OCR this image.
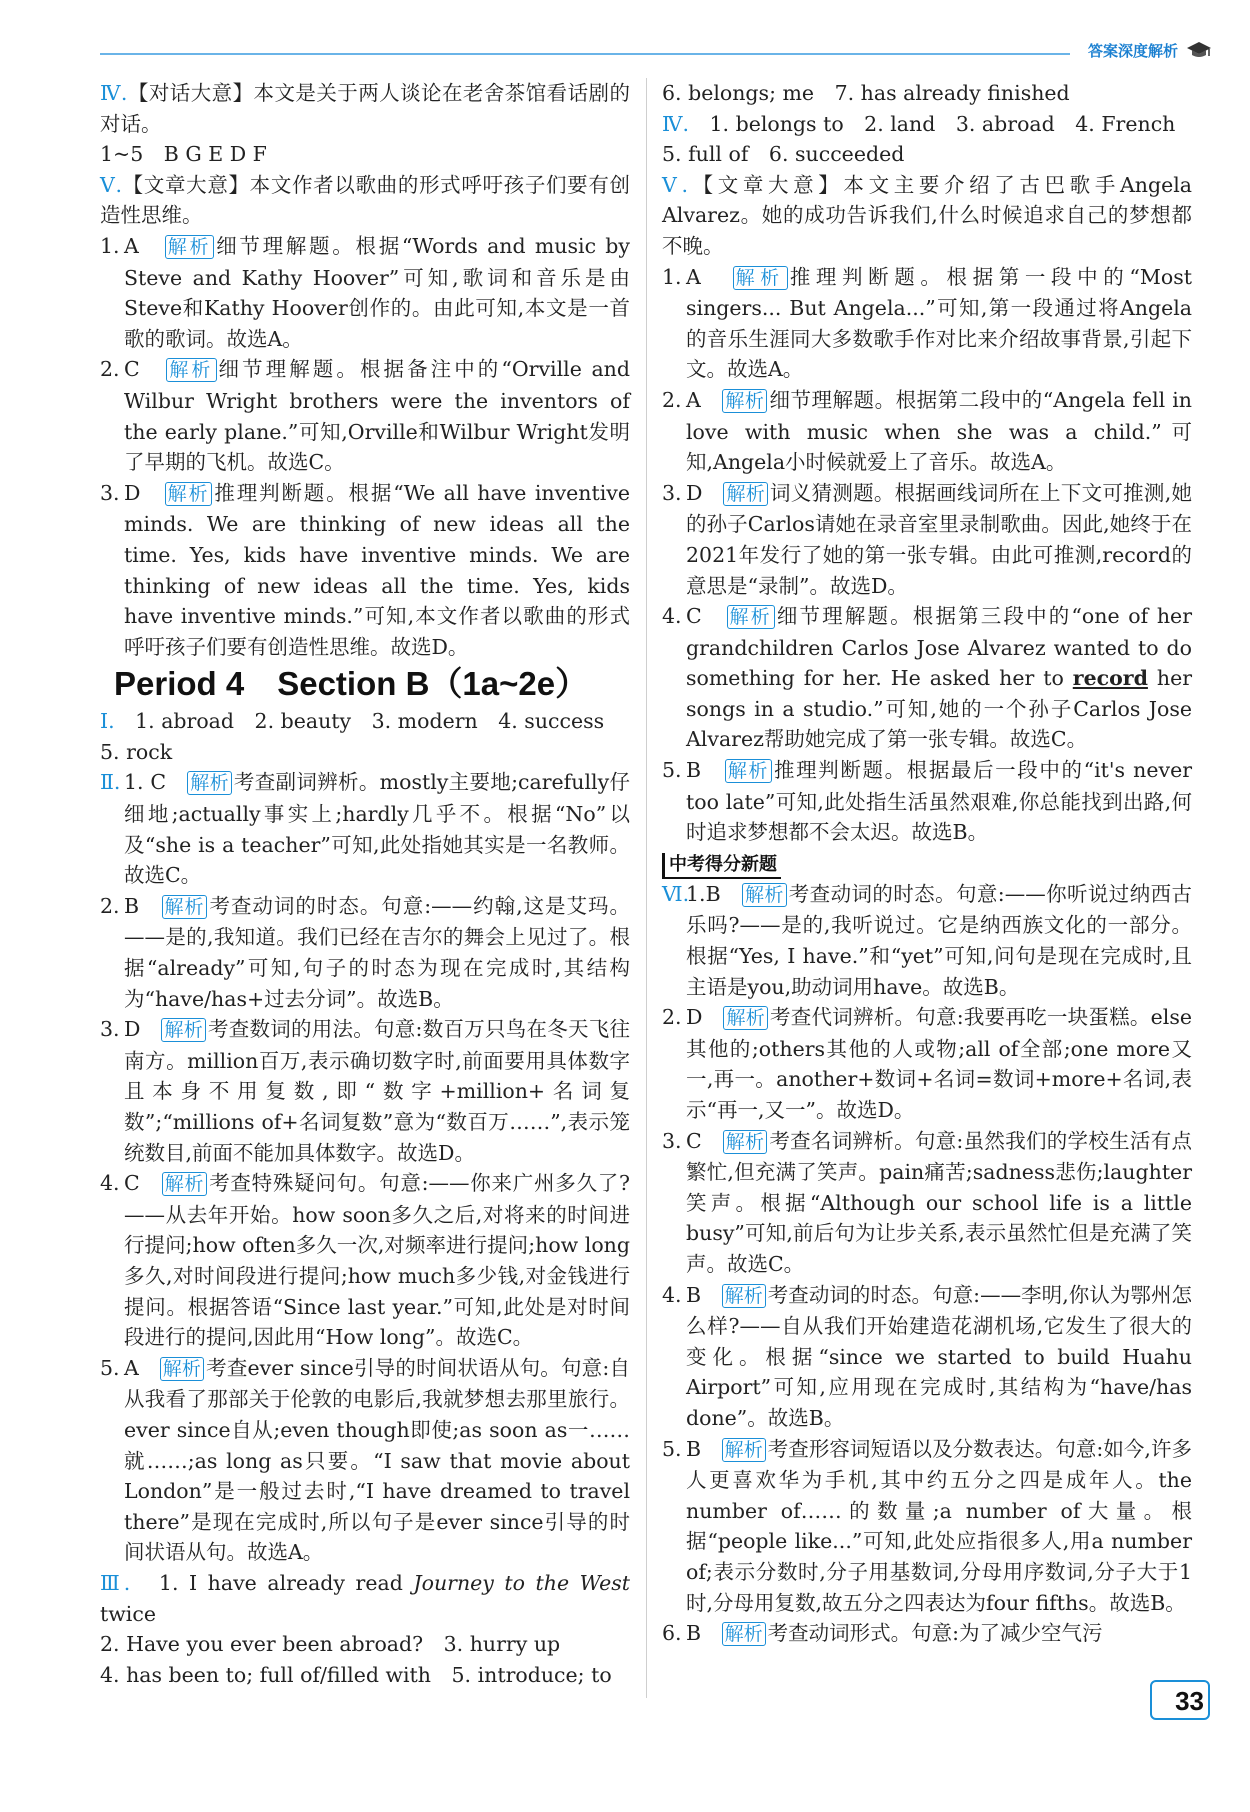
答案深度解析

Ⅳ.【对话大意】本文是关于两人谈论在老舍茶馆看话剧的对话。

1~5　B G E D F

Ⅴ.【文章大意】本文作者以歌曲的形式呼吁孩子们要有创造性思维。

1. A　 解析 细节理解题。根据“Words and music by Steve and Kathy Hoover”可知,歌词和音乐是由Steve和Kathy Hoover创作的。由此可知,本文是一首歌的歌词。故选A。
2. C　 解析 细节理解题。根据备注中的“Orville and Wilbur Wright brothers were the inventors of the early plane.”可知,Orville和Wilbur Wright发明了早期的飞机。故选C。
3. D　 解析 推理判断题。根据“We all have inventive minds. We are thinking of new ideas all the time. Yes, kids have inventive minds. We are thinking of new ideas all the time. Yes, kids have inventive minds.”可知,本文作者以歌曲的形式呼吁孩子们要有创造性思维。故选D。
Period 4　Section B（1a~2e）

Ⅰ.　 1. abroad　2. beauty　3. modern　4. success

5. rock

Ⅱ. 1. C　 解析 考查副词辨析。mostly主要地;carefully仔细地;actually事实上;hardly几乎不。根据“No”以及“she is a teacher”可知,此处指她其实是一名教师。故选C。
2. B　 解析 考查动词的时态。句意:——约翰,这是艾玛。——是的,我知道。我们已经在吉尔的舞会上见过了。根据“already”可知,句子的时态为现在完成时,其结构为“have/has+过去分词”。故选B。
3. D　 解析 考查数词的用法。句意:数百万只鸟在冬天飞往南方。million百万,表示确切数字时,前面要用具体数字且本身不用复数,即“数字+million+名词复数”;“millions of+名词复数”意为“数百万……”,表示笼统数目,前面不能加具体数字。故选D。
4. C　 解析 考查特殊疑问句。句意:——你来广州多久了?——从去年开始。how soon多久之后,对将来的时间进行提问;how often多久一次,对频率进行提问;how long多久,对时间段进行提问;how much多少钱,对金钱进行提问。根据答语“Since last year.”可知,此处是对时间段进行的提问,因此用“How long”。故选C。
5. A　 解析 考查ever since引导的时间状语从句。句意:自从我看了那部关于伦敦的电影后,我就梦想去那里旅行。ever since自从;even though即使;as soon as一……就……;as long as只要。“I saw that movie about London”是一般过去时,“I have dreamed to travel there”是现在完成时,所以句子是ever since引导的时间状语从句。故选A。

Ⅲ.　 1. I have already read Journey to the West twice

2. Have you ever been abroad?　3. hurry up

4. has been to; full of/filled with　5. introduce; to

6. belongs; me　7. has already finished

Ⅳ.　 1. belongs to　2. land　3. abroad　4. French

5. full of　6. succeeded

Ⅴ.【文章大意】本文主要介绍了古巴歌手Angela Alvarez。她的成功告诉我们,什么时候追求自己的梦想都不晚。

1. A　 解析 推理判断题。根据第一段中的“Most singers... But Angela...”可知,第一段通过将Angela的音乐生涯同大多数歌手作对比来介绍故事背景,引起下文。故选A。
2. A　 解析 细节理解题。根据第二段中的“Angela fell in love with music when she was a child.”可知,Angela小时候就爱上了音乐。故选A。
3. D　 解析 词义猜测题。根据画线词所在上下文可推测,她的孙子Carlos请她在录音室里录制歌曲。因此,她终于在2021年发行了她的第一张专辑。由此可推测,record的意思是“录制”。故选D。
4. C　 解析 细节理解题。根据第三段中的“one of her grandchildren Carlos Jose Alvarez wanted to do something for her. He asked her to record her songs in a studio.”可知,她的一个孙子Carlos Jose Alvarez帮助她完成了第一张专辑。故选C。
5. B　 解析 推理判断题。根据最后一段中的“it's never too late”可知,此处指生活虽然艰难,你总能找到出路,何时追求梦想都不会太迟。故选B。
中考得分新题
Ⅵ.
1.B　 解析 考查动词的时态。句意:——你听说过纳西古乐吗?——是的,我听说过。它是纳西族文化的一部分。根据“Yes, I have.”和“yet”可知,问句是现在完成时,且主语是you,助动词用have。故选B。
2. D　 解析 考查代词辨析。句意:我要再吃一块蛋糕。else其他的;others其他的人或物;all of全部;one more又一,再一。another+数词+名词=数词+more+名词,表示“再一,又一”。故选D。
3. C　 解析 考查名词辨析。句意:虽然我们的学校生活有点繁忙,但充满了笑声。pain痛苦;sadness悲伤;laughter笑声。根据“Although our school life is a little busy”可知,前后句为让步关系,表示虽然忙但是充满了笑声。故选C。
4. B　 解析 考查动词的时态。句意:——李明,你认为鄂州怎么样?——自从我们开始建造花湖机场,它发生了很大的变化。根据“since we started to build Huahu Airport”可知,应用现在完成时,其结构为“have/has done”。故选B。
5. B　 解析 考查形容词短语以及分数表达。句意:如今,许多人更喜欢华为手机,其中约五分之四是成年人。the number of……的数量;a number of大量。根据“people like...”可知,此处应指很多人,用a number of;表示分数时,分子用基数词,分母用序数词,分子大于1时,分母用复数,故五分之四表达为four fifths。故选B。
6. B　 解析 考查动词形式。句意:为了减少空气污
33
